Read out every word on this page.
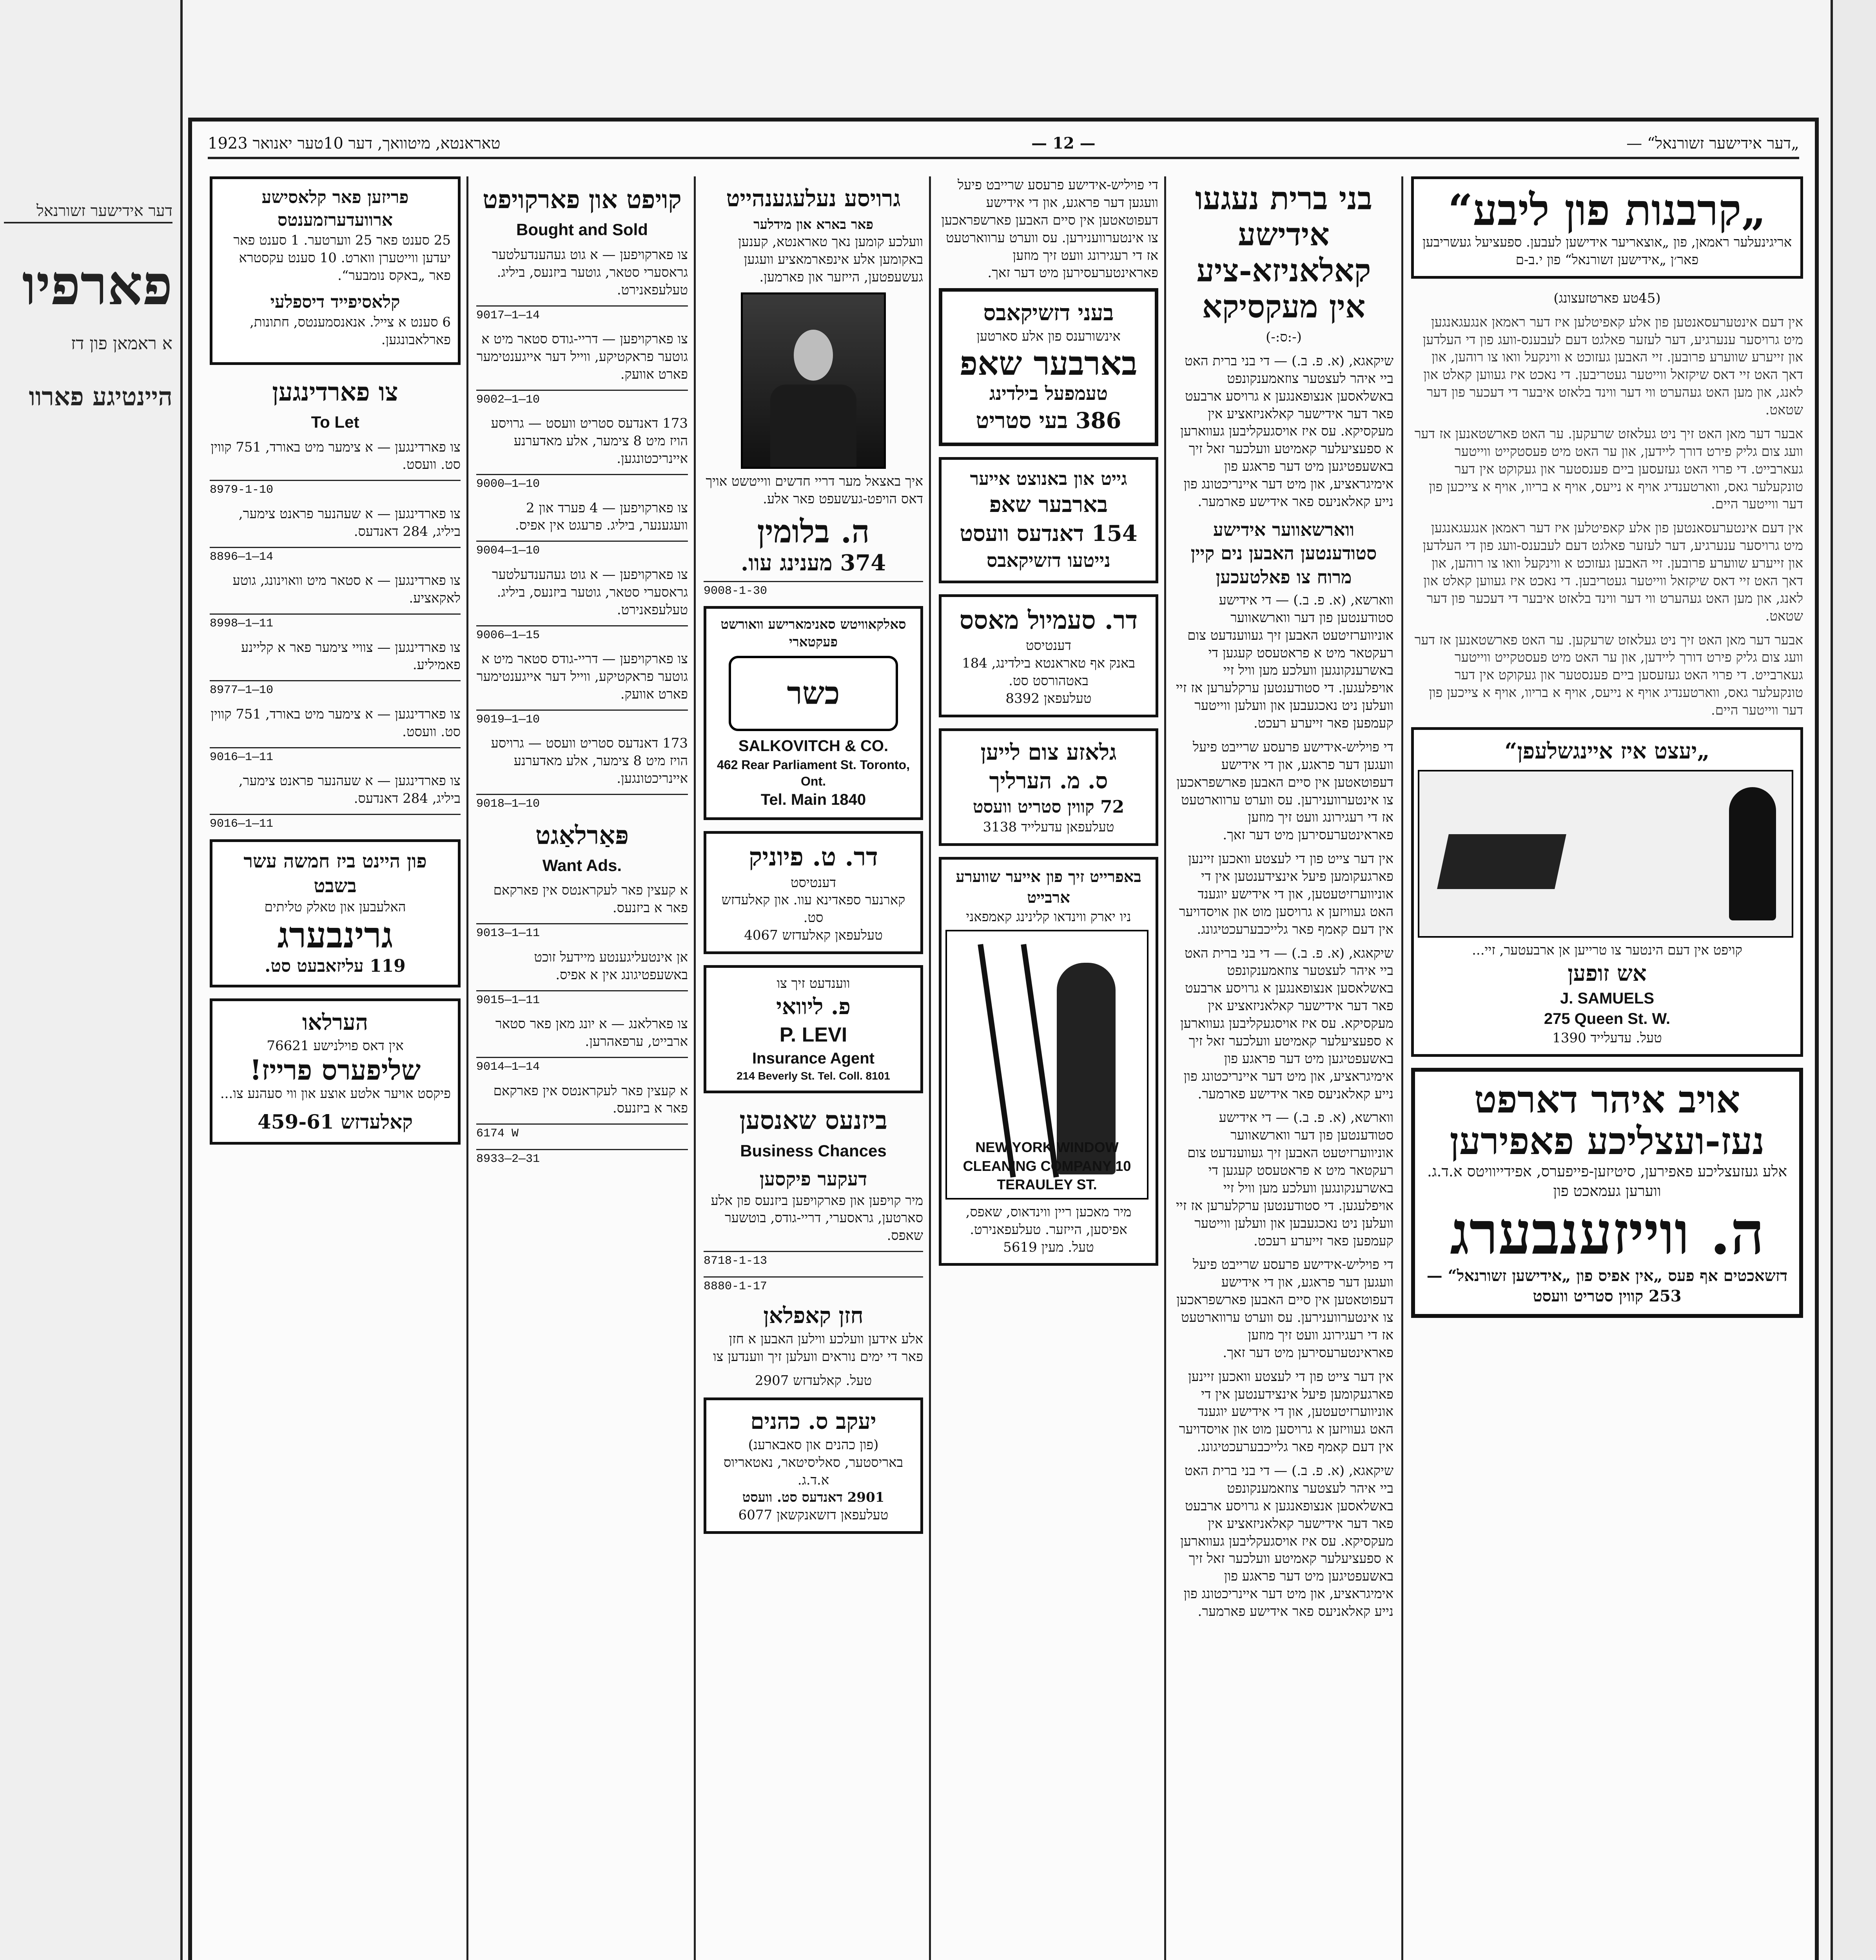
דער אידישער זשורנאל
פארפיו
א ראמאן פון דז
היינטיגע פארוו
„דער אידישער זשורנאל“ —
— 12 —
טאראנטא, מיטוואך, דער 10טער יאנואר 1923
„קרבנות פון ליבע“
אריגינעלער ראמאן, פון „אוצאריער אידישען לעבען. ספעציעל געשריבען פאר׳ן „אידישען זשורנאל“ פון י.ב-ם

(45טע פארטזעצונג)

אין דעם אינטערעסאנטען פון אלע קאפיטלען איז דער ראמאן אנגעגאנגען מיט גרויסער ענערגיע, דער לעזער פאלגט דעם לעבענס-וועג פון די העלדען און זייערע שווערע פרובען. זיי האבען געזוכט א ווינקעל וואו צו רוהען, און דאך האט זיי דאס שיקזאל ווייטער געטריבען. די נאכט איז געווען קאלט און לאנג, און מען האט געהערט ווי דער ווינד בלאזט איבער די דעכער פון דער שטאט.

אבער דער מאן האט זיך ניט געלאזט שרעקען. ער האט פארשטאנען אז דער וועג צום גליק פירט דורך ליידען, און ער האט מיט פעסטקייט ווייטער געארבייט. די פרוי האט געזעסען ביים פענסטער און געקוקט אין דער טונקעלער גאס, ווארטענדיג אויף א נייעס, אויף א בריוו, אויף א צייכען פון דער ווייטער היים.

אין דעם אינטערעסאנטען פון אלע קאפיטלען איז דער ראמאן אנגעגאנגען מיט גרויסער ענערגיע, דער לעזער פאלגט דעם לעבענס-וועג פון די העלדען און זייערע שווערע פרובען. זיי האבען געזוכט א ווינקעל וואו צו רוהען, און דאך האט זיי דאס שיקזאל ווייטער געטריבען. די נאכט איז געווען קאלט און לאנג, און מען האט געהערט ווי דער ווינד בלאזט איבער די דעכער פון דער שטאט.

אבער דער מאן האט זיך ניט געלאזט שרעקען. ער האט פארשטאנען אז דער וועג צום גליק פירט דורך ליידען, און ער האט מיט פעסטקייט ווייטער געארבייט. די פרוי האט געזעסען ביים פענסטער און געקוקט אין דער טונקעלער גאס, ווארטענדיג אויף א נייעס, אויף א בריוו, אויף א צייכען פון דער ווייטער היים.

„יעצט איז איינגשלעפן“
קויפט אין דעם הינטער צו טרייען אן ארבעטער, זיי...
אש זופען
J. SAMUELS
275 Queen St. W.
טעל. עדעלייד 1390
אויב איהר דארפט נעז-ועצליכע פאפירען
אלע געזעצליכע פאפירען, סיטיזען-פייפערס, אפידייוויטס א.ד.ג. ווערען געמאכט פון
ה. ווייזענבערג
דזשאכטים אף פעס „אין אפיס פון „אידישען זשורנאל“ — 253 קווין סטריט וועסט
בני ברית נעגעו אידישע קאלאניזא-ציע אין מעקסיקא

(-:ס:-)

שיקאגא, (א. פ. ב.) — די בני ברית האט ביי איהר לעצטער צוזאמענקונפט באשלאסען אנצופאנגען א גרויסע ארבעט פאר דער אידישער קאלאניזאציע אין מעקסיקא. עס איז אויסגעקליבען געווארען א ספעציעלער קאמיטע וועלכער זאל זיך באשעפטיגען מיט דער פראגע פון אימיגראציע, און מיט דער איינריכטונג פון נייע קאלאניעס פאר אידישע פארמער.

ווארשאווער אידישע סטודענטען האבען נים קיין מרוח צו פאלטעכען

ווארשא, (א. פ. ב.) — די אידישע סטודענטען פון דער ווארשאווער אוניווערזיטעט האבען זיך געווענדעט צום רעקטאר מיט א פראטעסט קעגען די באשרענקונגען וועלכע מען וויל זיי אויפלעגען. די סטודענטען ערקלערען אז זיי וועלען ניט נאכגעבען און וועלען ווייטער קעמפען פאר זייערע רעכט.

די פויליש-אידישע פרעסע שרייבט פיעל וועגען דער פראגע, און די אידישע דעפוטאטען אין סיים האבען פארשפראכען צו אינטערווענירען. עס ווערט ערווארטעט אז די רעגירונג וועט זיך מוזען פאראינטערעסירען מיט דער זאך.

אין דער צייט פון די לעצטע וואכען זיינען פארגעקומען פיעל אינצידענטען אין די אוניווערזיטעטען, און די אידישע יוגענד האט געוויזען א גרויסען מוט און אויסדויער אין דעם קאמף פאר גלייכבערעכטיגונג.

שיקאגא, (א. פ. ב.) — די בני ברית האט ביי איהר לעצטער צוזאמענקונפט באשלאסען אנצופאנגען א גרויסע ארבעט פאר דער אידישער קאלאניזאציע אין מעקסיקא. עס איז אויסגעקליבען געווארען א ספעציעלער קאמיטע וועלכער זאל זיך באשעפטיגען מיט דער פראגע פון אימיגראציע, און מיט דער איינריכטונג פון נייע קאלאניעס פאר אידישע פארמער.

ווארשא, (א. פ. ב.) — די אידישע סטודענטען פון דער ווארשאווער אוניווערזיטעט האבען זיך געווענדעט צום רעקטאר מיט א פראטעסט קעגען די באשרענקונגען וועלכע מען וויל זיי אויפלעגען. די סטודענטען ערקלערען אז זיי וועלען ניט נאכגעבען און וועלען ווייטער קעמפען פאר זייערע רעכט.

די פויליש-אידישע פרעסע שרייבט פיעל וועגען דער פראגע, און די אידישע דעפוטאטען אין סיים האבען פארשפראכען צו אינטערווענירען. עס ווערט ערווארטעט אז די רעגירונג וועט זיך מוזען פאראינטערעסירען מיט דער זאך.

אין דער צייט פון די לעצטע וואכען זיינען פארגעקומען פיעל אינצידענטען אין די אוניווערזיטעטען, און די אידישע יוגענד האט געוויזען א גרויסען מוט און אויסדויער אין דעם קאמף פאר גלייכבערעכטיגונג.

שיקאגא, (א. פ. ב.) — די בני ברית האט ביי איהר לעצטער צוזאמענקונפט באשלאסען אנצופאנגען א גרויסע ארבעט פאר דער אידישער קאלאניזאציע אין מעקסיקא. עס איז אויסגעקליבען געווארען א ספעציעלער קאמיטע וועלכער זאל זיך באשעפטיגען מיט דער פראגע פון אימיגראציע, און מיט דער איינריכטונג פון נייע קאלאניעס פאר אידישע פארמער.

די פויליש-אידישע פרעסע שרייבט פיעל וועגען דער פראגע, און די אידישע דעפוטאטען אין סיים האבען פארשפראכען צו אינטערווענירען. עס ווערט ערווארטעט אז די רעגירונג וועט זיך מוזען פאראינטערעסירען מיט דער זאך.

בעני דזשיקאבס
אינשורענס פון אלע סארטען
בארבער שאפ
טעמפעל בילדינג
386 בעי סטריט
גייט און באנוצט אייער
בארבער שאפ
154 דאנדעס וועסט
נייטעו דזשיקאבס
דר. סעמיול מאסס
דענטיסט
באנק אף טאראנטא בילדינג, 184 באטהורסט סט.
טעלעפאן 8392
גלאזע צום לייען
ס. מ. הערליך
72 קווין סטריט וועסט
טעלעפאן עדעלייד 3138
באפרייט זיך פון אייער שווערע ארבייט
ניו יארק ווינדאו קלינינג קאמפאני
NEW YORK WINDOW CLEANING COMPANY 10 TERAULEY ST.
מיר מאכען ריין ווינדאוס, שאפס, אפיסען, הייזער. טעלעפאנירט.
טעל. מעין 5619
גרויסע נעלעגענהייט
פאר בארא און מידלער

וועלכע קומען נאך טאראנטא, קענען באקומען אלע אינפארמאציע וועגען געשעפטען, הייזער און פארמען.

איך באצאל מער דריי חדשים ווייטשט אויך דאס הויפט-געשעפט פאר אלע.

ה. בלומין
374 מענינג עוו.
9008-1-30
סאלקאוויטש סאנימארישע וואורשט פעקטארי
כשר
SALKOVITCH & CO.
462 Rear Parliament St. Toronto, Ont.
Tel. Main 1840
דר. ט. פיוניק
דענטיסט
קארנער ספאדינא עוו. און קאלעדזש סט.
טעלעפאן קאלעדזש 4067
ווענדעט זיך צו
פ. ליוואי
P. LEVI
Insurance Agent
214 Beverly St. Tel. Coll. 8101
ביזנעס שאנסען
Business Chances
דעקער פיקסען

מיר קויפען און פארקויפען ביזנעס פון אלע סארטען, גראסערי, דריי-גודס, בוטשער שאפס.

8718-1-13
8880-1-17
חזן קאפלאן

אלע אידען וועלכע ווילען האבען א חזן פאר די ימים נוראים וועלען זיך ווענדען צו

טעל. קאלעדזש 2907
יעקב ס. כהנים
(פון כהנים און סאבארענ)
באריסטער, סאליסיטאר, נאטאריוס א.ד.ג.
2901 דאנדעס סט. וועסט
טעלעפאן דזשאנקשאן 6077
קויפט און פארקויפט
Bought and Sold

צו פארקויפען — א גוט געהענדעלטער גראסערי סטאר, גוטער ביזנעס, ביליג. טעלעפאנירט.

9017—1—14

צו פארקויפען — דריי-גודס סטאר מיט א גוטער פראקטיקע, ווייל דער אייגענטימער פארט אוועק.

9002—1—10

173 דאנדעס סטריט וועסט — גרויסע הויז מיט 8 צימער, אלע מאדערנע איינריכטונגען.

9000—1—10

צו פארקויפען — 4 פערד און 2 וועגענער, ביליג. פרעגט אין אפיס.

9004—1—10

צו פארקויפען — א גוט געהענדעלטער גראסערי סטאר, גוטער ביזנעס, ביליג. טעלעפאנירט.

9006—1—15

צו פארקויפען — דריי-גודס סטאר מיט א גוטער פראקטיקע, ווייל דער אייגענטימער פארט אוועק.

9019—1—10

173 דאנדעס סטריט וועסט — גרויסע הויז מיט 8 צימער, אלע מאדערנע איינריכטונגען.

9018—1—10
פּאַרלאַגט
Want Ads.

א קעצין פאר לעקראנטס אין פארקאם פאר א ביזנעס.

9013—1—11

אן אינטעליגענטע מיידעל זוכט באשעפטיגונג אין א אפיס.

9015—1—11

צו פארלאנג — א יונג מאן פאר סטאר ארבייט, ערפאהרען.

9014—1—14

א קעצין פאר לעקראנטס אין פארקאם פאר א ביזנעס.

6174 W
8933—2—31
פריזען פאר קלאסישע ארוועדערזמענטס

25 סענט פאר 25 ווערטער. 1 סענט פאר יעדען ווייטערן ווארט. 10 סענט עקסטרא פאר „באקס נומבער“.

קלאסיפייד דיספלעי

6 סענט א צייל. אנאנסמענטס, חתונות, פארלאבונגען.

צו פארדינגען
To Let

צו פארדינגען — א צימער מיט באורד, 751 קווין סט. וועסט.

8979-1-10

צו פארדינגען — א שעהנער פראנט צימער, ביליג, 284 דאנדעס.

8896—1—14

צו פארדינגען — א סטאר מיט וואוינונג, גוטע לאקאציע.

8998—1—11

צו פארדינגען — צוויי צימער פאר א קליינע פאמיליע.

8977—1—10

צו פארדינגען — א צימער מיט באורד, 751 קווין סט. וועסט.

9016—1—11

צו פארדינגען — א שעהנער פראנט צימער, ביליג, 284 דאנדעס.

9016—1—11
פון היינט ביז חמשה עשר בשבט
האלעבען און טאלק טליתים
גרינבערג
119 עליזאבעט סט.
הערלאו
אין דאס פוילנישע 76621
שליפערס פרייז!

פיקסט אויער אלטע אוצע און ווי סעהנע צו...

קאלעדזש 459-61
